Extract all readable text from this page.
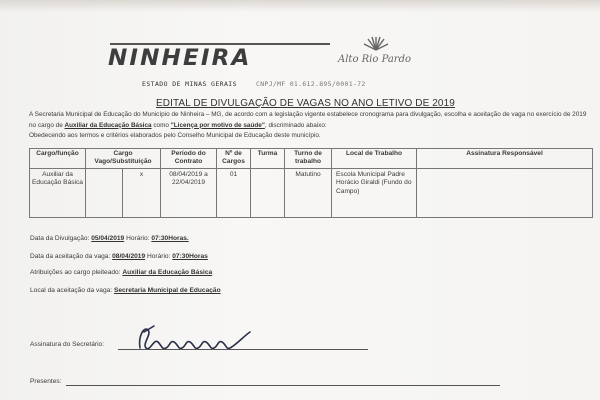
NINHEIRA	Alto Rio Pardo
ESTADO DE MINAS GERAIS	CNPJ/MF 01.612.895/0001-72
EDITAL DE DIVULGAÇÃO DE VAGAS NO ANO LETIVO DE 2019
A Secretaria Municipal de Educação do Município de Ninheira – MG, de acordo com a legislação vigente estabelece cronograma para divulgação, escolha e aceitação de vaga no exercício de 2019 no cargo de Auxiliar da Educação Básica como "Licença por motivo de saúde", discriminado abaixo:
Obedecendo aos termos e critérios elaborados pelo Conselho Municipal de Educação deste município.
Cargo/função	Cargo Vago/Substituição		Período do Contrato	Nº de Cargos	Turma	Turno de trabalho	Local de Trabalho	Assinatura Responsável
Auxiliar da Educação Básica		x	08/04/2019 a 22/04/2019	01		Matutino	Escola Municipal Padre Horácio Giraldi (Fundo do Campo)	
Data da Divulgação: 05/04/2019 Horário: 07:30Horas.
Data da aceitação da vaga: 08/04/2019 Horário: 07:30Horas
Atribuições ao cargo pleiteado: Auxiliar da Educação Básica
Local da aceitação da vaga: Secretaria Municipal de Educação
Assinatura do Secretário:
Presentes:
